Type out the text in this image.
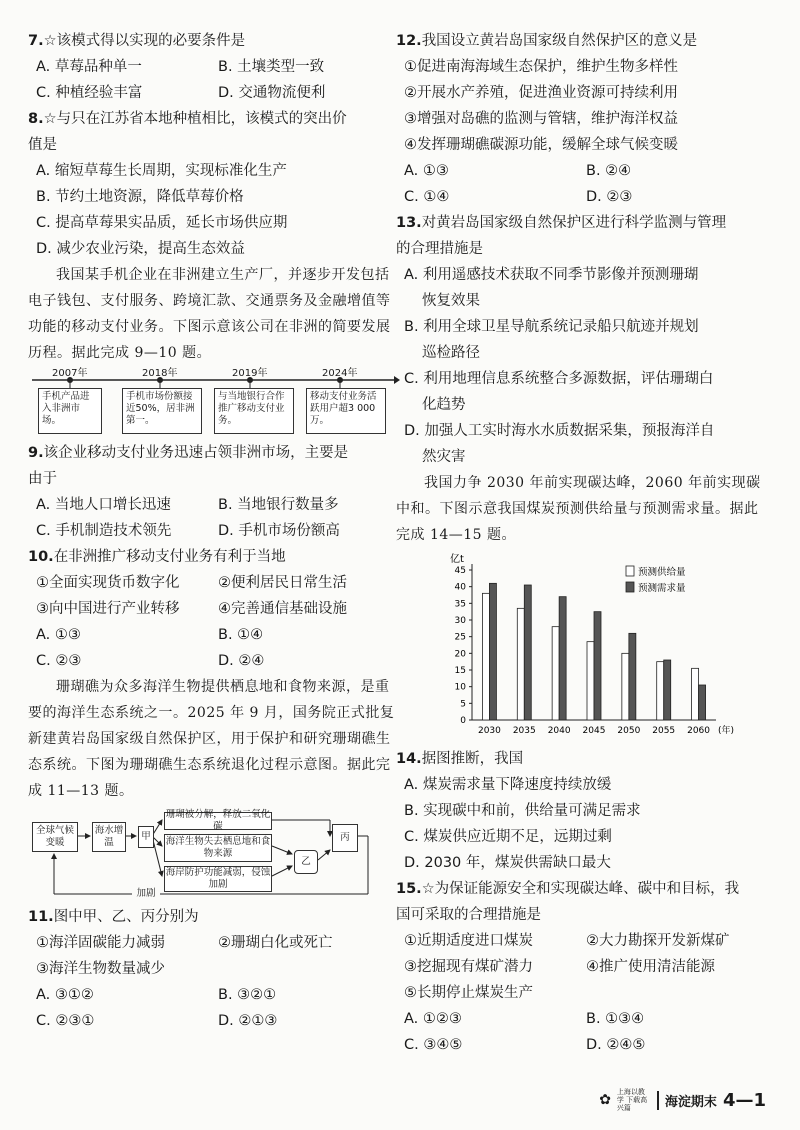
7.☆该模式得以实现的必要条件是
A. 草莓品种单一	B. 土壤类型一致
C. 种植经验丰富	D. 交通物流便利
8.☆与只在江苏省本地种植相比，该模式的突出价
值是
A. 缩短草莓生长周期，实现标准化生产
B. 节约土地资源，降低草莓价格
C. 提高草莓果实品质，延长市场供应期
D. 减少农业污染，提高生态效益
我国某手机企业在非洲建立生产厂，并逐步开发包括电子钱包、支付服务、跨境汇款、交通票务及金融增值等功能的移动支付业务。下图示意该公司在非洲的简要发展历程。据此完成 9—10 题。
2007年	2018年	2019年	2024年
手机产品进入非洲市场。
手机市场份额接近50%，居非洲第一。
与当地银行合作推广移动支付业务。
移动支付业务活跃用户超3 000万。
9.该企业移动支付业务迅速占领非洲市场，主要是
由于
A. 当地人口增长迅速	B. 当地银行数量多
C. 手机制造技术领先	D. 手机市场份额高
10.在非洲推广移动支付业务有利于当地
①全面实现货币数字化	②便利居民日常生活
③向中国进行产业转移	④完善通信基础设施
A. ①③	B. ①④
C. ②③	D. ②④
珊瑚礁为众多海洋生物提供栖息地和食物来源，是重要的海洋生态系统之一。2025 年 9 月，国务院正式批复新建黄岩岛国家级自然保护区，用于保护和研究珊瑚礁生态系统。下图为珊瑚礁生态系统退化过程示意图。据此完成 11—13 题。
全球气候变暖
海水增温
甲
珊瑚被分解，释放二氧化碳
海洋生物失去栖息地和食物来源
海岸防护功能减弱，侵蚀加剧
乙
丙
加剧
11.图中甲、乙、丙分别为
①海洋固碳能力减弱	②珊瑚白化或死亡
③海洋生物数量减少
A. ③①②	B. ③②①
C. ②③①	D. ②①③
12.我国设立黄岩岛国家级自然保护区的意义是
①促进南海海域生态保护，维护生物多样性
②开展水产养殖，促进渔业资源可持续利用
③增强对岛礁的监测与管辖，维护海洋权益
④发挥珊瑚礁碳源功能，缓解全球气候变暖
A. ①③	B. ②④
C. ①④	D. ②③
13.对黄岩岛国家级自然保护区进行科学监测与管理
的合理措施是
A. 利用遥感技术获取不同季节影像并预测珊瑚
恢复效果
B. 利用全球卫星导航系统记录船只航迹并规划
巡检路径
C. 利用地理信息系统整合多源数据，评估珊瑚白
化趋势
D. 加强人工实时海水水质数据采集，预报海洋自
然灾害
我国力争 2030 年前实现碳达峰，2060 年前实现碳中和。下图示意我国煤炭预测供给量与预测需求量。据此完成 14—15 题。
亿t
0
5
10
15
20
25
30
35
40
45
2030 2035 2040 2045 2050 2055 2060 (年)
预测供给量
预测需求量
14.据图推断，我国
A. 煤炭需求量下降速度持续放缓
B. 实现碳中和前，供给量可满足需求
C. 煤炭供应近期不足，远期过剩
D. 2030 年，煤炭供需缺口最大
15.☆为保证能源安全和实现碳达峰、碳中和目标，我
国可采取的合理措施是
①近期适度进口煤炭	②大力勘探开发新煤矿
③挖掘现有煤矿潜力	④推广使用清洁能源
⑤长期停止煤炭生产
A. ①②③	B. ①③④
C. ③④⑤	D. ②④⑤
✿ 上海以教学 下载高兴篇	海淀期末 4—1
